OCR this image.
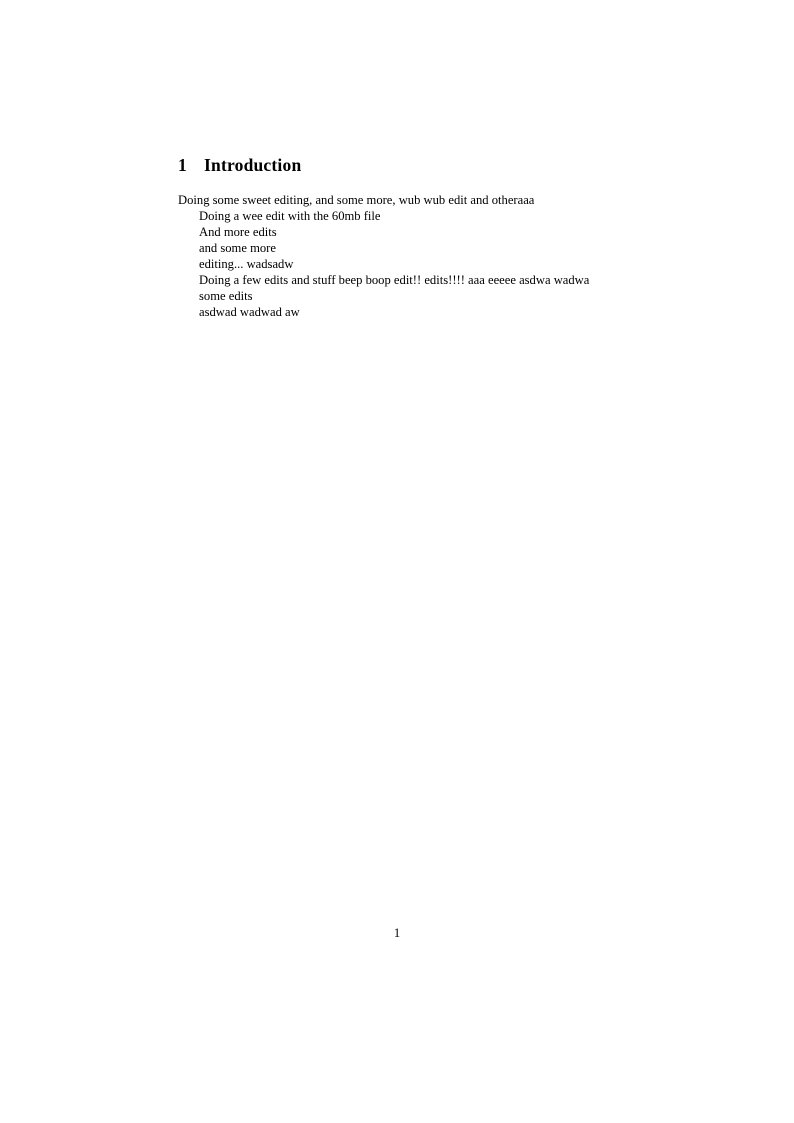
1 Introduction

Doing some sweet editing, and some more, wub wub edit and otheraaa

Doing a wee edit with the 60mb file

And more edits

and some more

editing... wadsadw

Doing a few edits and stuff beep boop edit!! edits!!!! aaa eeeee asdwa wadwa

some edits

asdwad wadwad aw

1
